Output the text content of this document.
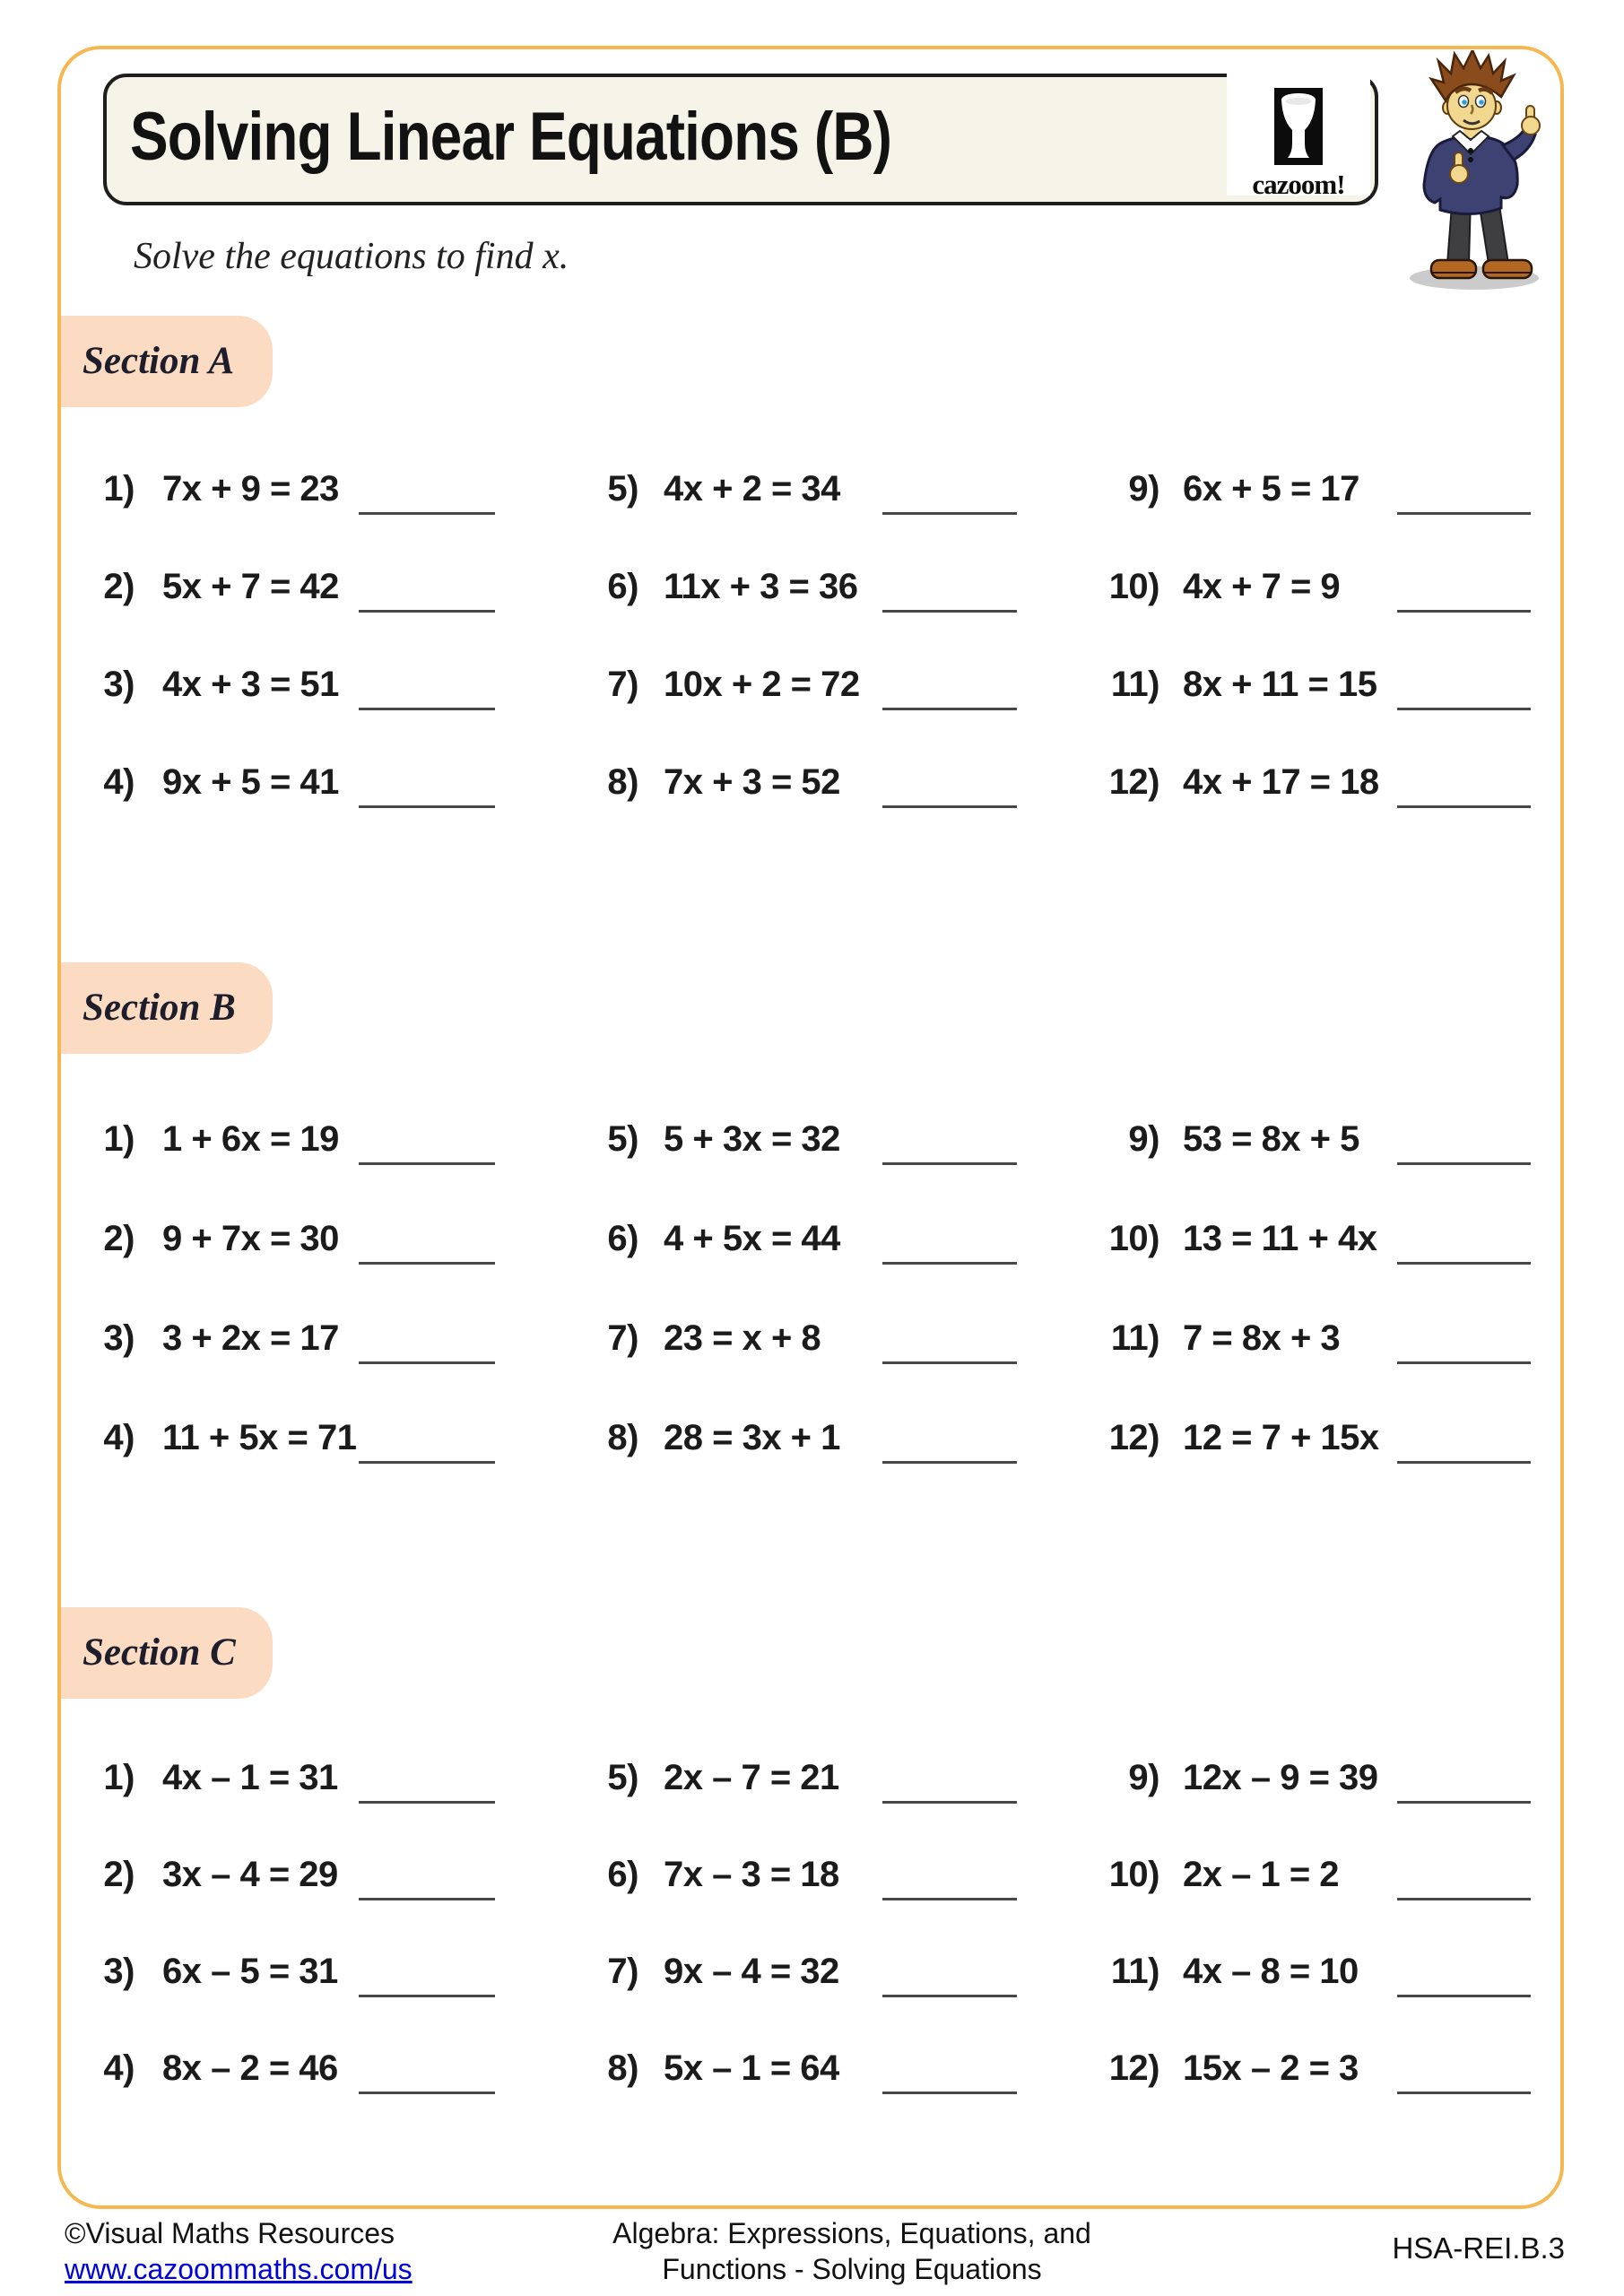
Solving Linear Equations (B)
cazoom!
Solve the equations to find x.
Section A
1) 7x + 9 = 23
2) 5x + 7 = 42
3) 4x + 3 = 51
4) 9x + 5 = 41
5) 4x + 2 = 34
6) 11x + 3 = 36
7) 10x + 2 = 72
8) 7x + 3 = 52
9) 6x + 5 = 17
10) 4x + 7 = 9
11) 8x + 11 = 15
12) 4x + 17 = 18
Section B
1) 1 + 6x = 19
2) 9 + 7x = 30
3) 3 + 2x = 17
4) 11 + 5x = 71
5) 5 + 3x = 32
6) 4 + 5x = 44
7) 23 = x + 8
8) 28 = 3x + 1
9) 53 = 8x + 5
10) 13 = 11 + 4x
11) 7 = 8x + 3
12) 12 = 7 + 15x
Section C
1) 4x – 1 = 31
2) 3x – 4 = 29
3) 6x – 5 = 31
4) 8x – 2 = 46
5) 2x – 7 = 21
6) 7x – 3 = 18
7) 9x – 4 = 32
8) 5x – 1 = 64
9) 12x – 9 = 39
10) 2x – 1 = 2
11) 4x – 8 = 10
12) 15x – 2 = 3
©Visual Maths Resources
www.cazoommaths.com/us
Algebra: Expressions, Equations, and
Functions - Solving Equations
HSA-REI.B.3
